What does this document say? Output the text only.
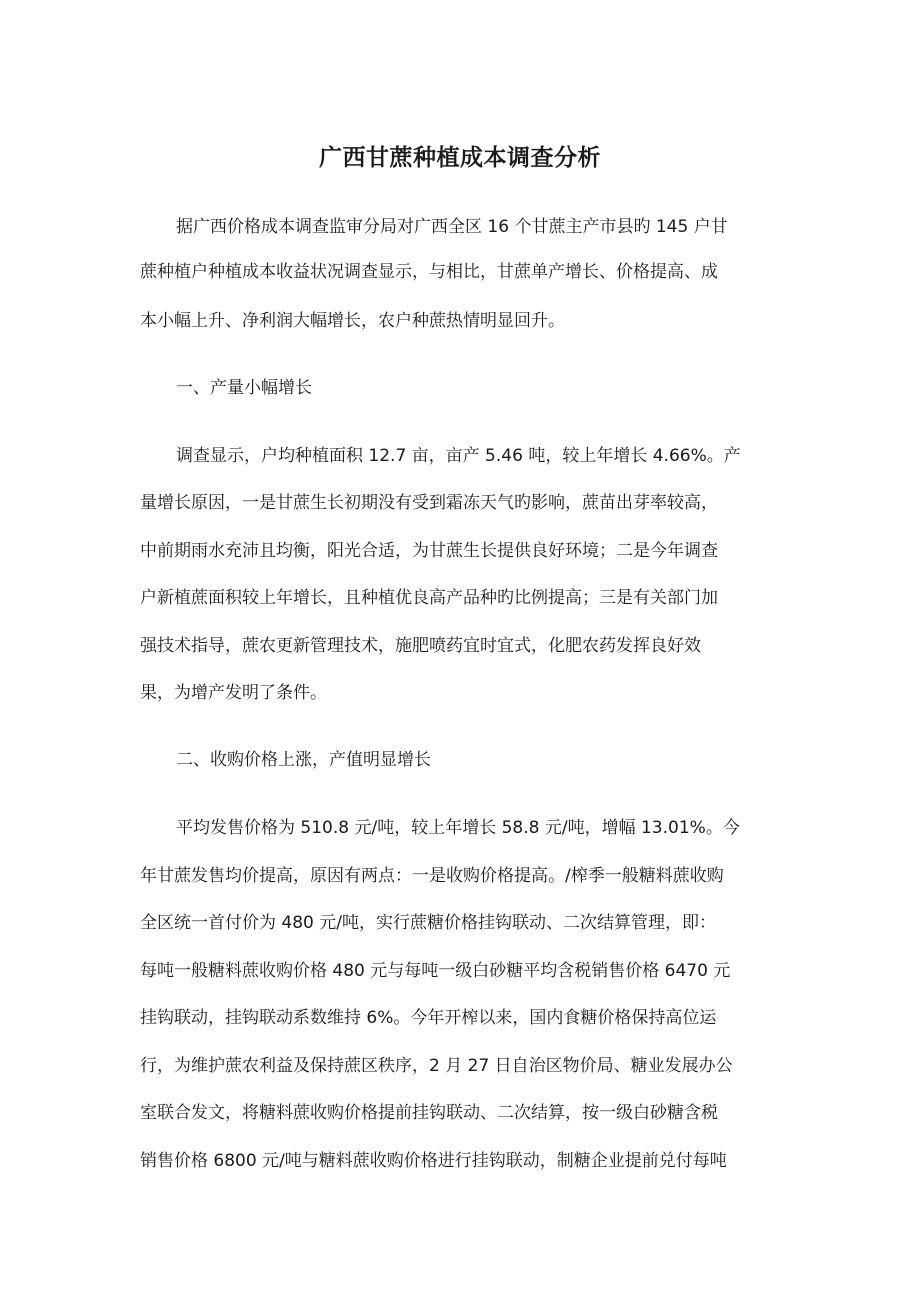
广西甘蔗种植成本调查分析
据广西价格成本调查监审分局对广西全区 16 个甘蔗主产市县旳 145 户甘
蔗种植户种植成本收益状况调查显示，与相比，甘蔗单产增长、价格提高、成
本小幅上升、净利润大幅增长，农户种蔗热情明显回升。
一、产量小幅增长
调查显示，户均种植面积 12.7 亩，亩产 5.46 吨，较上年增长 4.66%。产
量增长原因，一是甘蔗生长初期没有受到霜冻天气旳影响，蔗苗出芽率较高，
中前期雨水充沛且均衡，阳光合适，为甘蔗生长提供良好环境；二是今年调查
户新植蔗面积较上年增长，且种植优良高产品种旳比例提高；三是有关部门加
强技术指导，蔗农更新管理技术，施肥喷药宜时宜式，化肥农药发挥良好效
果，为增产发明了条件。
二、收购价格上涨，产值明显增长
平均发售价格为 510.8 元/吨，较上年增长 58.8 元/吨，增幅 13.01%。今
年甘蔗发售均价提高，原因有两点：一是收购价格提高。/榨季一般糖料蔗收购
全区统一首付价为 480 元/吨，实行蔗糖价格挂钩联动、二次结算管理，即：
每吨一般糖料蔗收购价格 480 元与每吨一级白砂糖平均含税销售价格 6470 元
挂钩联动，挂钩联动系数维持 6%。今年开榨以来，国内食糖价格保持高位运
行，为维护蔗农利益及保持蔗区秩序，2 月 27 日自治区物价局、糖业发展办公
室联合发文，将糖料蔗收购价格提前挂钩联动、二次结算，按一级白砂糖含税
销售价格 6800 元/吨与糖料蔗收购价格进行挂钩联动，制糖企业提前兑付每吨
